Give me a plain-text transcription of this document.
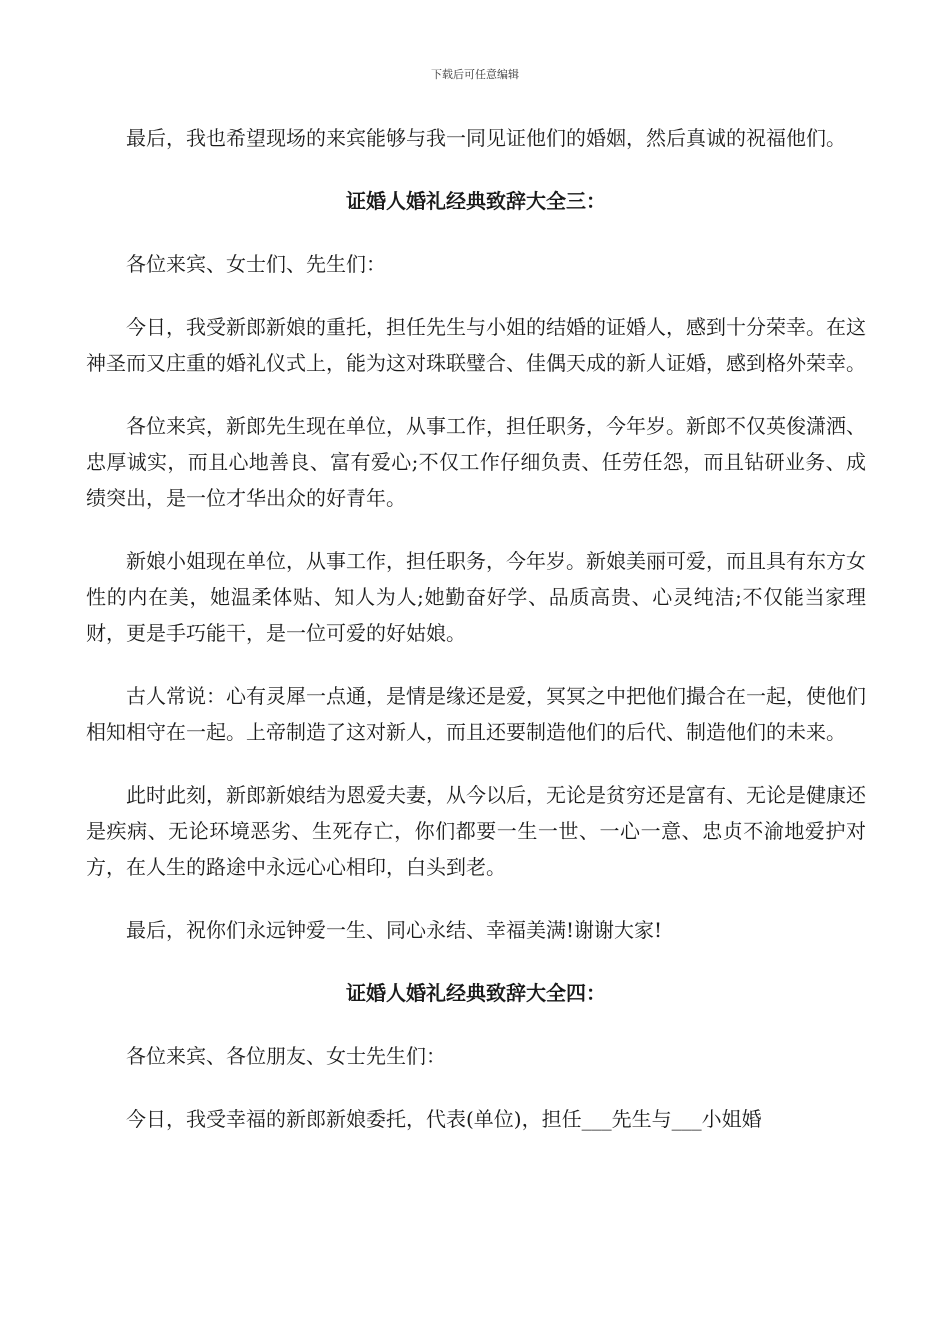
下载后可任意编辑

最后，我也希望现场的来宾能够与我一同见证他们的婚姻，然后真诚的祝福他们。

证婚人婚礼经典致辞大全三：

各位来宾、女士们、先生们：

今日，我受新郎新娘的重托，担任先生与小姐的结婚的证婚人，感到十分荣幸。在这神圣而又庄重的婚礼仪式上，能为这对珠联璧合、佳偶天成的新人证婚，感到格外荣幸。

各位来宾，新郎先生现在单位，从事工作，担任职务，今年岁。新郎不仅英俊潇洒、忠厚诚实，而且心地善良、富有爱心;不仅工作仔细负责、任劳任怨，而且钻研业务、成绩突出，是一位才华出众的好青年。

新娘小姐现在单位，从事工作，担任职务，今年岁。新娘美丽可爱，而且具有东方女性的内在美，她温柔体贴、知人为人;她勤奋好学、品质高贵、心灵纯洁;不仅能当家理财，更是手巧能干，是一位可爱的好姑娘。

古人常说：心有灵犀一点通，是情是缘还是爱，冥冥之中把他们撮合在一起，使他们相知相守在一起。上帝制造了这对新人，而且还要制造他们的后代、制造他们的未来。

此时此刻，新郎新娘结为恩爱夫妻，从今以后，无论是贫穷还是富有、无论是健康还是疾病、无论环境恶劣、生死存亡，你们都要一生一世、一心一意、忠贞不渝地爱护对方，在人生的路途中永远心心相印，白头到老。

最后，祝你们永远钟爱一生、同心永结、幸福美满!谢谢大家!

证婚人婚礼经典致辞大全四：

各位来宾、各位朋友、女士先生们：

今日，我受幸福的新郎新娘委托，代表(单位)，担任___先生与___小姐婚
